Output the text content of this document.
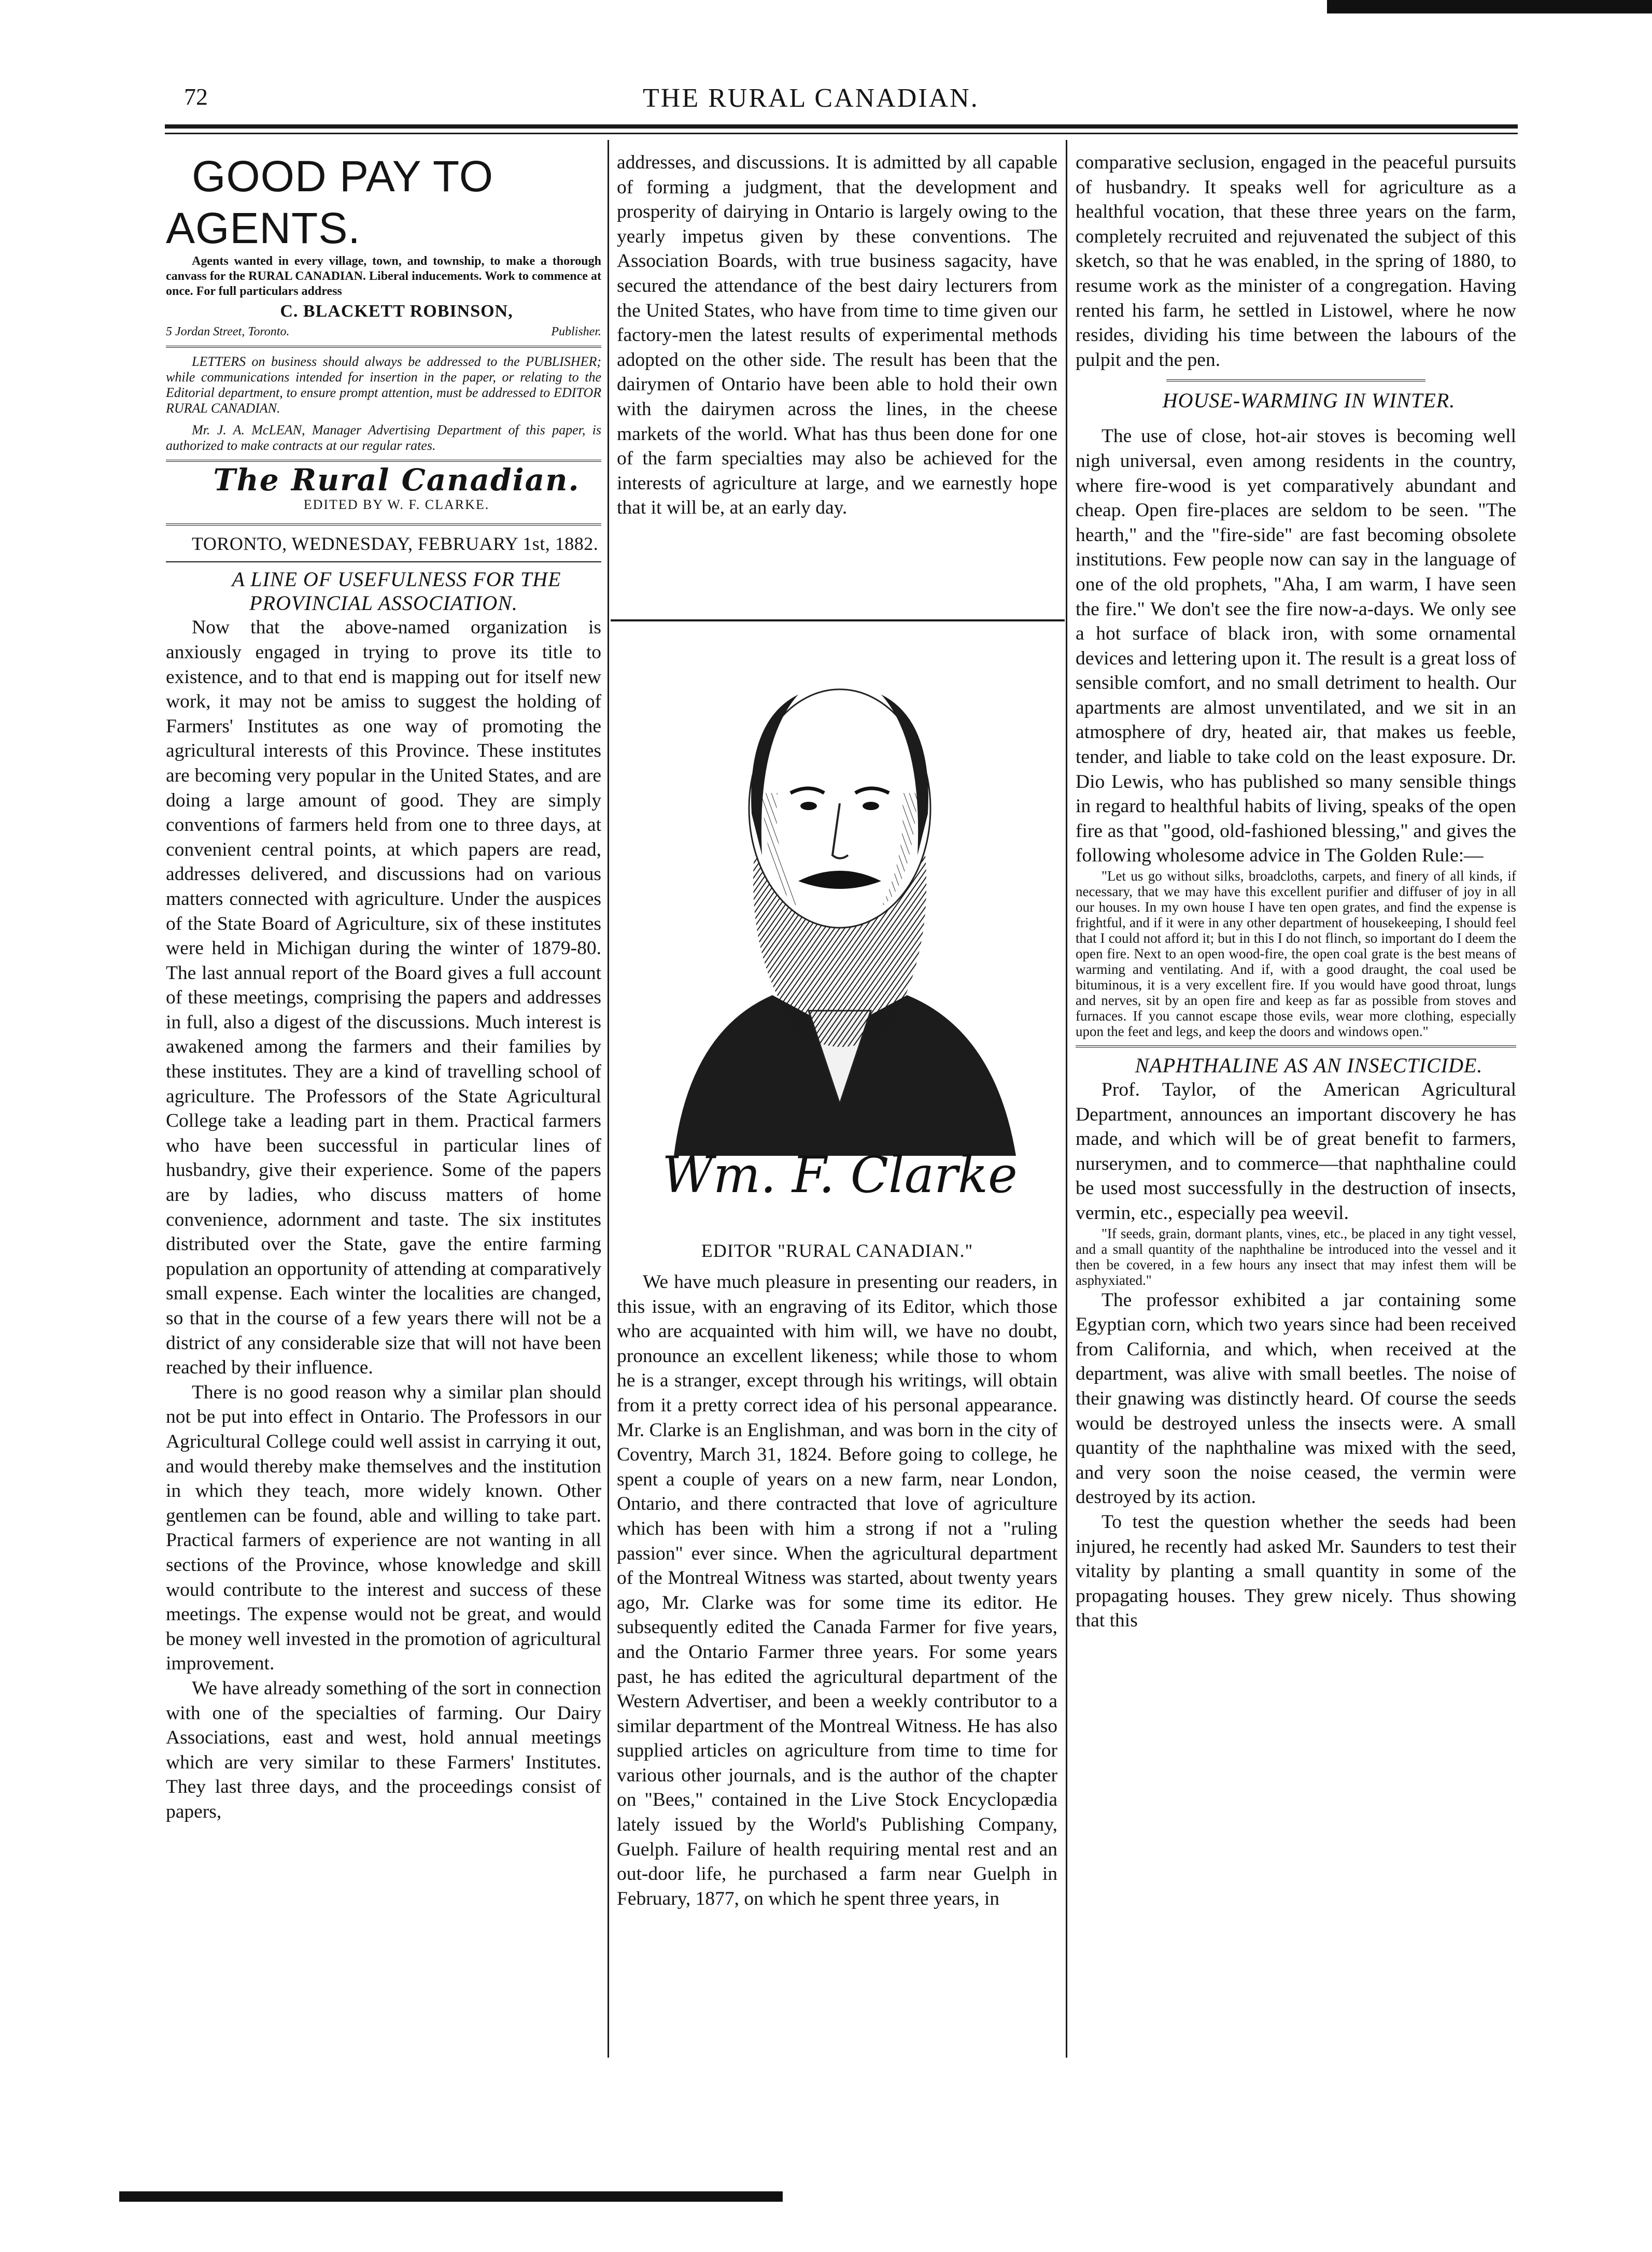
72	THE RURAL CANADIAN.

GOOD PAY TO AGENTS.

Agents wanted in every village, town, and township, to make a thorough canvass for the RURAL CANADIAN. Liberal inducements. Work to commence at once. For full particulars address

C. BLACKETT ROBINSON,

5 Jordan Street, Toronto.	Publisher.

LETTERS on business should always be addressed to the PUBLISHER; while communications intended for insertion in the paper, or relating to the Editorial department, to ensure prompt attention, must be addressed to EDITOR RURAL CANADIAN.

Mr. J. A. McLEAN, Manager Advertising Department of this paper, is authorized to make contracts at our regular rates.

The Rural Canadian.

EDITED BY W. F. CLARKE.

TORONTO, WEDNESDAY, FEBRUARY 1st, 1882.

A LINE OF USEFULNESS FOR THE PROVINCIAL ASSOCIATION.

Now that the above-named organization is anxiously engaged in trying to prove its title to existence, and to that end is mapping out for itself new work, it may not be amiss to suggest the holding of Farmers' Institutes as one way of promoting the agricultural interests of this Province. These institutes are becoming very popular in the United States, and are doing a large amount of good. They are simply conventions of farmers held from one to three days, at convenient central points, at which papers are read, addresses delivered, and discussions had on various matters connected with agriculture. Under the auspices of the State Board of Agriculture, six of these institutes were held in Michigan during the winter of 1879-80. The last annual report of the Board gives a full account of these meetings, comprising the papers and addresses in full, also a digest of the discussions. Much interest is awakened among the farmers and their families by these institutes. They are a kind of travelling school of agriculture. The Professors of the State Agricultural College take a leading part in them. Practical farmers who have been successful in particular lines of husbandry, give their experience. Some of the papers are by ladies, who discuss matters of home convenience, adornment and taste. The six institutes distributed over the State, gave the entire farming population an opportunity of attending at comparatively small expense. Each winter the localities are changed, so that in the course of a few years there will not be a district of any considerable size that will not have been reached by their influence.

There is no good reason why a similar plan should not be put into effect in Ontario. The Professors in our Agricultural College could well assist in carrying it out, and would thereby make themselves and the institution in which they teach, more widely known. Other gentlemen can be found, able and willing to take part. Practical farmers of experience are not wanting in all sections of the Province, whose knowledge and skill would contribute to the interest and success of these meetings. The expense would not be great, and would be money well invested in the promotion of agricultural improvement.

We have already something of the sort in connection with one of the specialties of farming. Our Dairy Associations, east and west, hold annual meetings which are very similar to these Farmers' Institutes. They last three days, and the proceedings consist of papers,

addresses, and discussions. It is admitted by all capable of forming a judgment, that the development and prosperity of dairying in Ontario is largely owing to the yearly impetus given by these conventions. The Association Boards, with true business sagacity, have secured the attendance of the best dairy lecturers from the United States, who have from time to time given our factory-men the latest results of experimental methods adopted on the other side. The result has been that the dairymen of Ontario have been able to hold their own with the dairymen across the lines, in the cheese markets of the world. What has thus been done for one of the farm specialties may also be achieved for the interests of agriculture at large, and we earnestly hope that it will be, at an early day.

Wm. F. Clarke
EDITOR "RURAL CANADIAN."

We have much pleasure in presenting our readers, in this issue, with an engraving of its Editor, which those who are acquainted with him will, we have no doubt, pronounce an excellent likeness; while those to whom he is a stranger, except through his writings, will obtain from it a pretty correct idea of his personal appearance. Mr. Clarke is an Englishman, and was born in the city of Coventry, March 31, 1824. Before going to college, he spent a couple of years on a new farm, near London, Ontario, and there contracted that love of agriculture which has been with him a strong if not a "ruling passion" ever since. When the agricultural department of the Montreal Witness was started, about twenty years ago, Mr. Clarke was for some time its editor. He subsequently edited the Canada Farmer for five years, and the Ontario Farmer three years. For some years past, he has edited the agricultural department of the Western Advertiser, and been a weekly contributor to a similar department of the Montreal Witness. He has also supplied articles on agriculture from time to time for various other journals, and is the author of the chapter on "Bees," contained in the Live Stock Encyclopædia lately issued by the World's Publishing Company, Guelph. Failure of health requiring mental rest and an out-door life, he purchased a farm near Guelph in February, 1877, on which he spent three years, in

comparative seclusion, engaged in the peaceful pursuits of husbandry. It speaks well for agriculture as a healthful vocation, that these three years on the farm, completely recruited and rejuvenated the subject of this sketch, so that he was enabled, in the spring of 1880, to resume work as the minister of a congregation. Having rented his farm, he settled in Listowel, where he now resides, dividing his time between the labours of the pulpit and the pen.

HOUSE-WARMING IN WINTER.

The use of close, hot-air stoves is becoming well nigh universal, even among residents in the country, where fire-wood is yet comparatively abundant and cheap. Open fire-places are seldom to be seen. "The hearth," and the "fire-side" are fast becoming obsolete institutions. Few people now can say in the language of one of the old prophets, "Aha, I am warm, I have seen the fire." We don't see the fire now-a-days. We only see a hot surface of black iron, with some ornamental devices and lettering upon it. The result is a great loss of sensible comfort, and no small detriment to health. Our apartments are almost unventilated, and we sit in an atmosphere of dry, heated air, that makes us feeble, tender, and liable to take cold on the least exposure. Dr. Dio Lewis, who has published so many sensible things in regard to healthful habits of living, speaks of the open fire as that "good, old-fashioned blessing," and gives the following wholesome advice in The Golden Rule:—

"Let us go without silks, broadcloths, carpets, and finery of all kinds, if necessary, that we may have this excellent purifier and diffuser of joy in all our houses. In my own house I have ten open grates, and find the expense is frightful, and if it were in any other department of housekeeping, I should feel that I could not afford it; but in this I do not flinch, so important do I deem the open fire. Next to an open wood-fire, the open coal grate is the best means of warming and ventilating. And if, with a good draught, the coal used be bituminous, it is a very excellent fire. If you would have good throat, lungs and nerves, sit by an open fire and keep as far as possible from stoves and furnaces. If you cannot escape those evils, wear more clothing, especially upon the feet and legs, and keep the doors and windows open."

NAPHTHALINE AS AN INSECTICIDE.

Prof. Taylor, of the American Agricultural Department, announces an important discovery he has made, and which will be of great benefit to farmers, nurserymen, and to commerce—that naphthaline could be used most successfully in the destruction of insects, vermin, etc., especially pea weevil.

"If seeds, grain, dormant plants, vines, etc., be placed in any tight vessel, and a small quantity of the naphthaline be introduced into the vessel and it then be covered, in a few hours any insect that may infest them will be asphyxiated."

The professor exhibited a jar containing some Egyptian corn, which two years since had been received from California, and which, when received at the department, was alive with small beetles. The noise of their gnawing was distinctly heard. Of course the seeds would be destroyed unless the insects were. A small quantity of the naphthaline was mixed with the seed, and very soon the noise ceased, the vermin were destroyed by its action.

To test the question whether the seeds had been injured, he recently had asked Mr. Saunders to test their vitality by planting a small quantity in some of the propagating houses. They grew nicely. Thus showing that this
